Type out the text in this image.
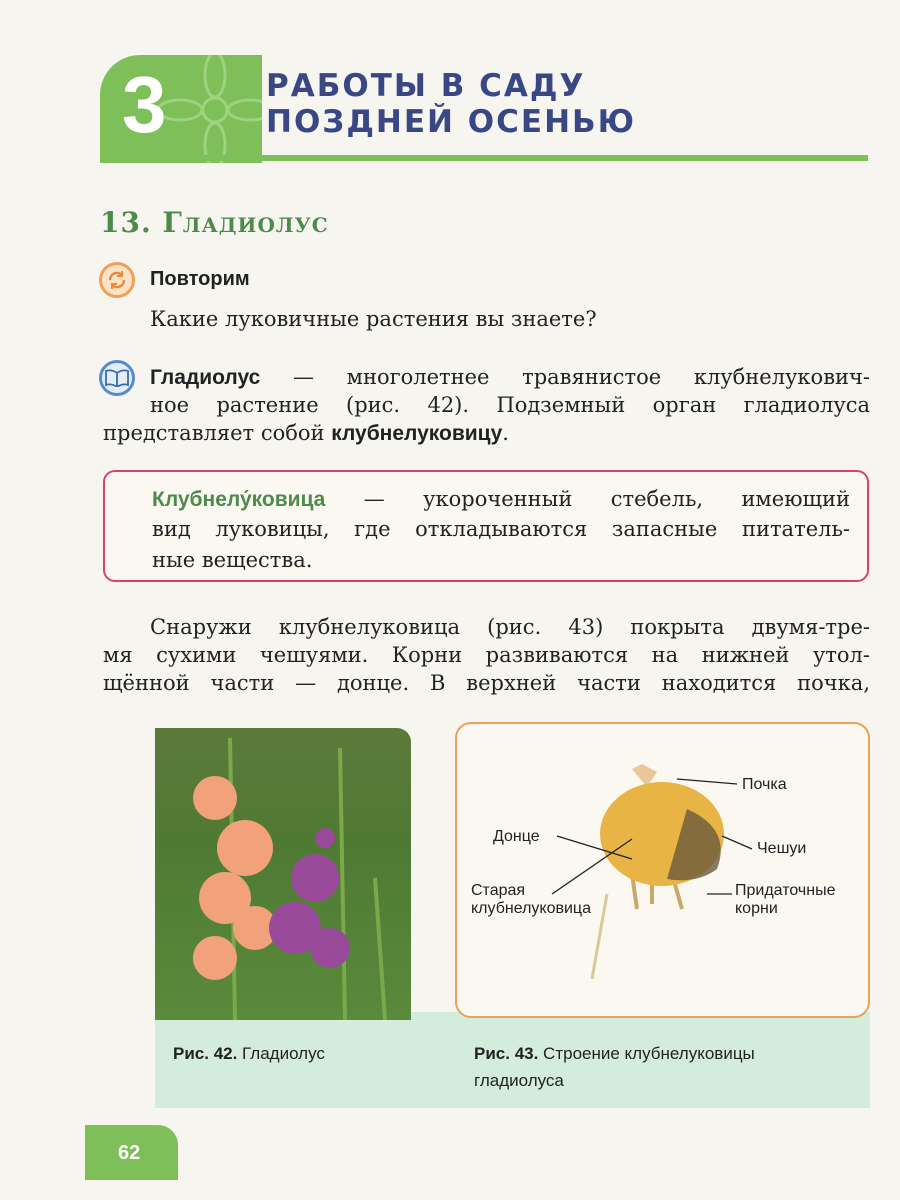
3	РАБОТЫ В САДУ
ПОЗДНЕЙ ОСЕНЬЮ
13. Гладиолус
Повторим
Какие луковичные растения вы знаете?
Гладиолус — многолетнее травянистое клубнелукович-
ное растение (рис. 42). Подземный орган гладиолуса
представляет собой клубнелуковицу.
Клубнелу́ковица — укороченный стебель, имеющий
вид луковицы, где откладываются запасные питатель-
ные вещества.
Снаружи клубнелуковица (рис. 43) покрыта двумя-тре-
мя сухими чешуями. Корни развиваются на нижней утол-
щённой части — донце. В верхней части находится почка,
Рис. 42. Гладиолус
Почка
Донце
Чешуи
Старая
клубнелуковица
Придаточные
корни
Рис. 43. Строение клубнелуковицы
гладиолуса
62
